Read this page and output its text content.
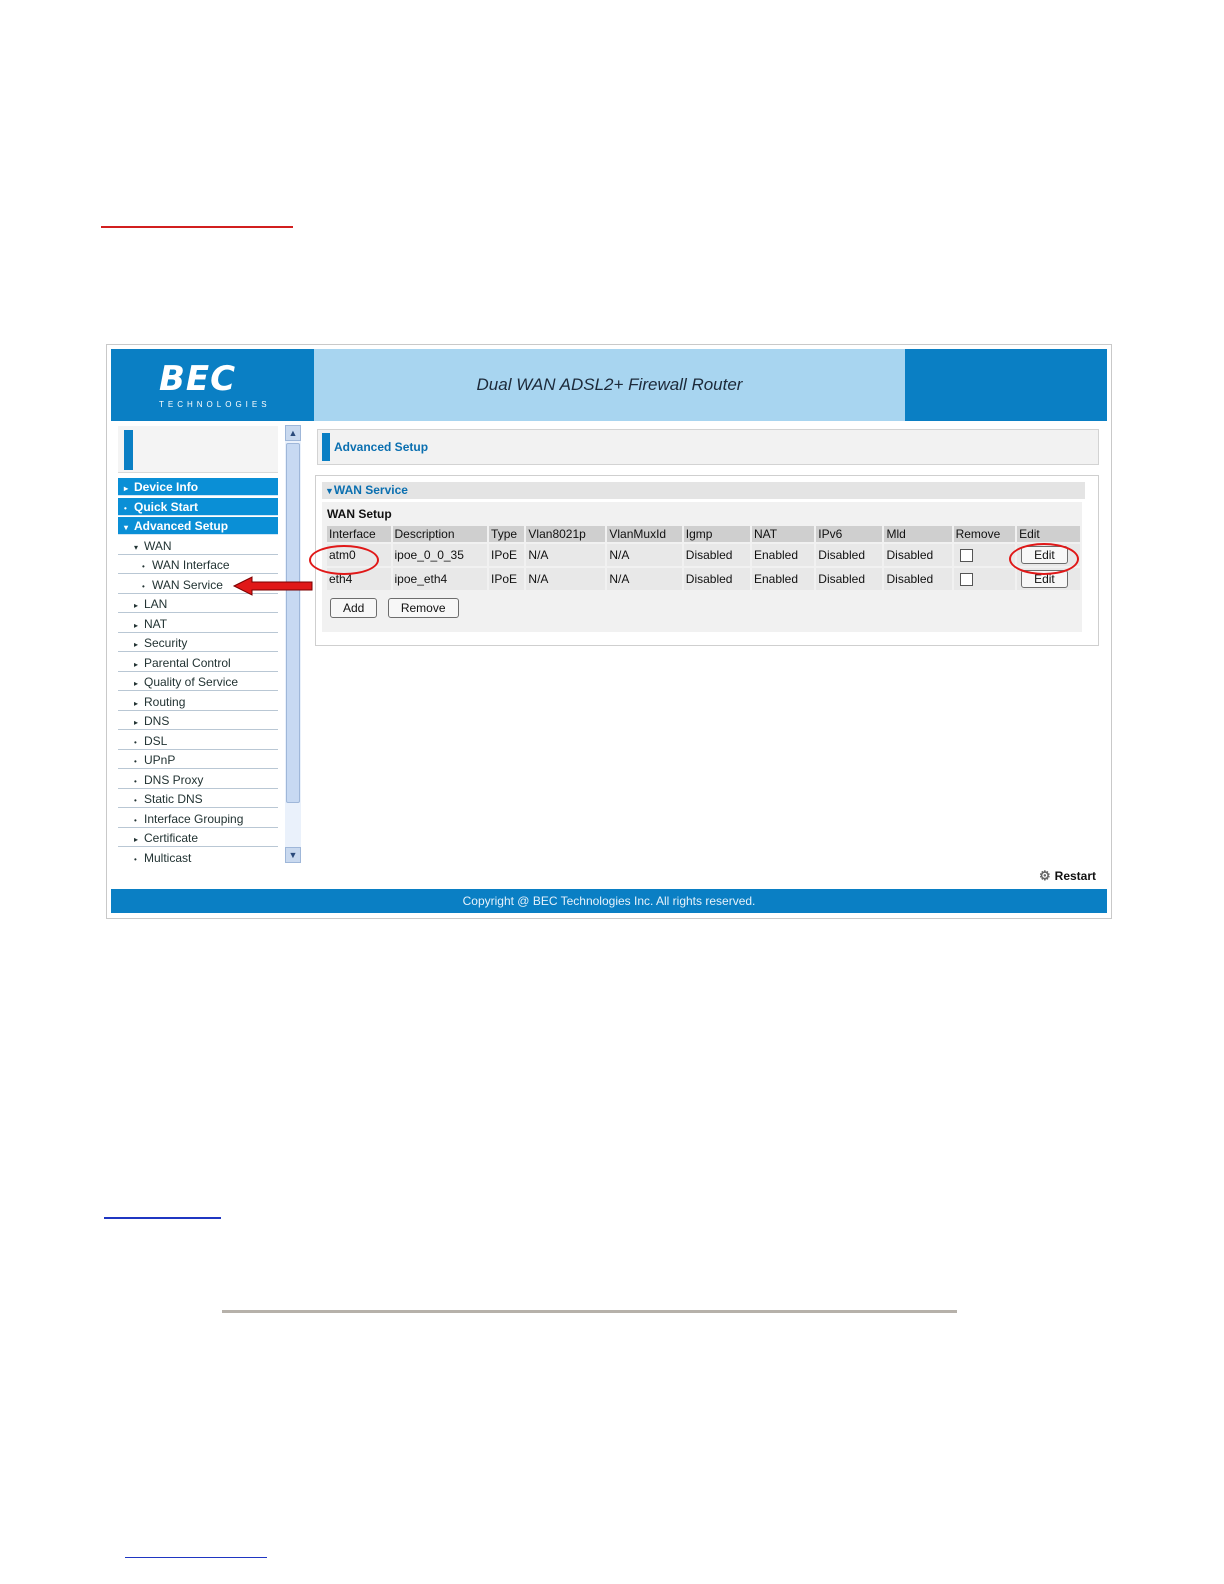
BEC
TECHNOLOGIES
Dual WAN ADSL2+ Firewall Router
▸ Device Info
• Quick Start
▾ Advanced Setup
▾ WAN
• WAN Interface
• WAN Service
▸ LAN
▸ NAT
▸ Security
▸ Parental Control
▸ Quality of Service
▸ Routing
▸ DNS
• DSL
• UPnP
• DNS Proxy
• Static DNS
• Interface Grouping
▸ Certificate
• Multicast
▲
▼
Advanced Setup
▼WAN Service
WAN Setup
Interface	Description	Type	Vlan8021p	VlanMuxId	Igmp	NAT	IPv6	Mld	Remove	Edit
atm0	ipoe_0_0_35	IPoE	N/A	N/A	Disabled	Enabled	Disabled	Disabled		Edit
eth4	ipoe_eth4	IPoE	N/A	N/A	Disabled	Enabled	Disabled	Disabled		Edit
Add	Remove
⚙ Restart
Copyright @ BEC Technologies Inc. All rights reserved.
